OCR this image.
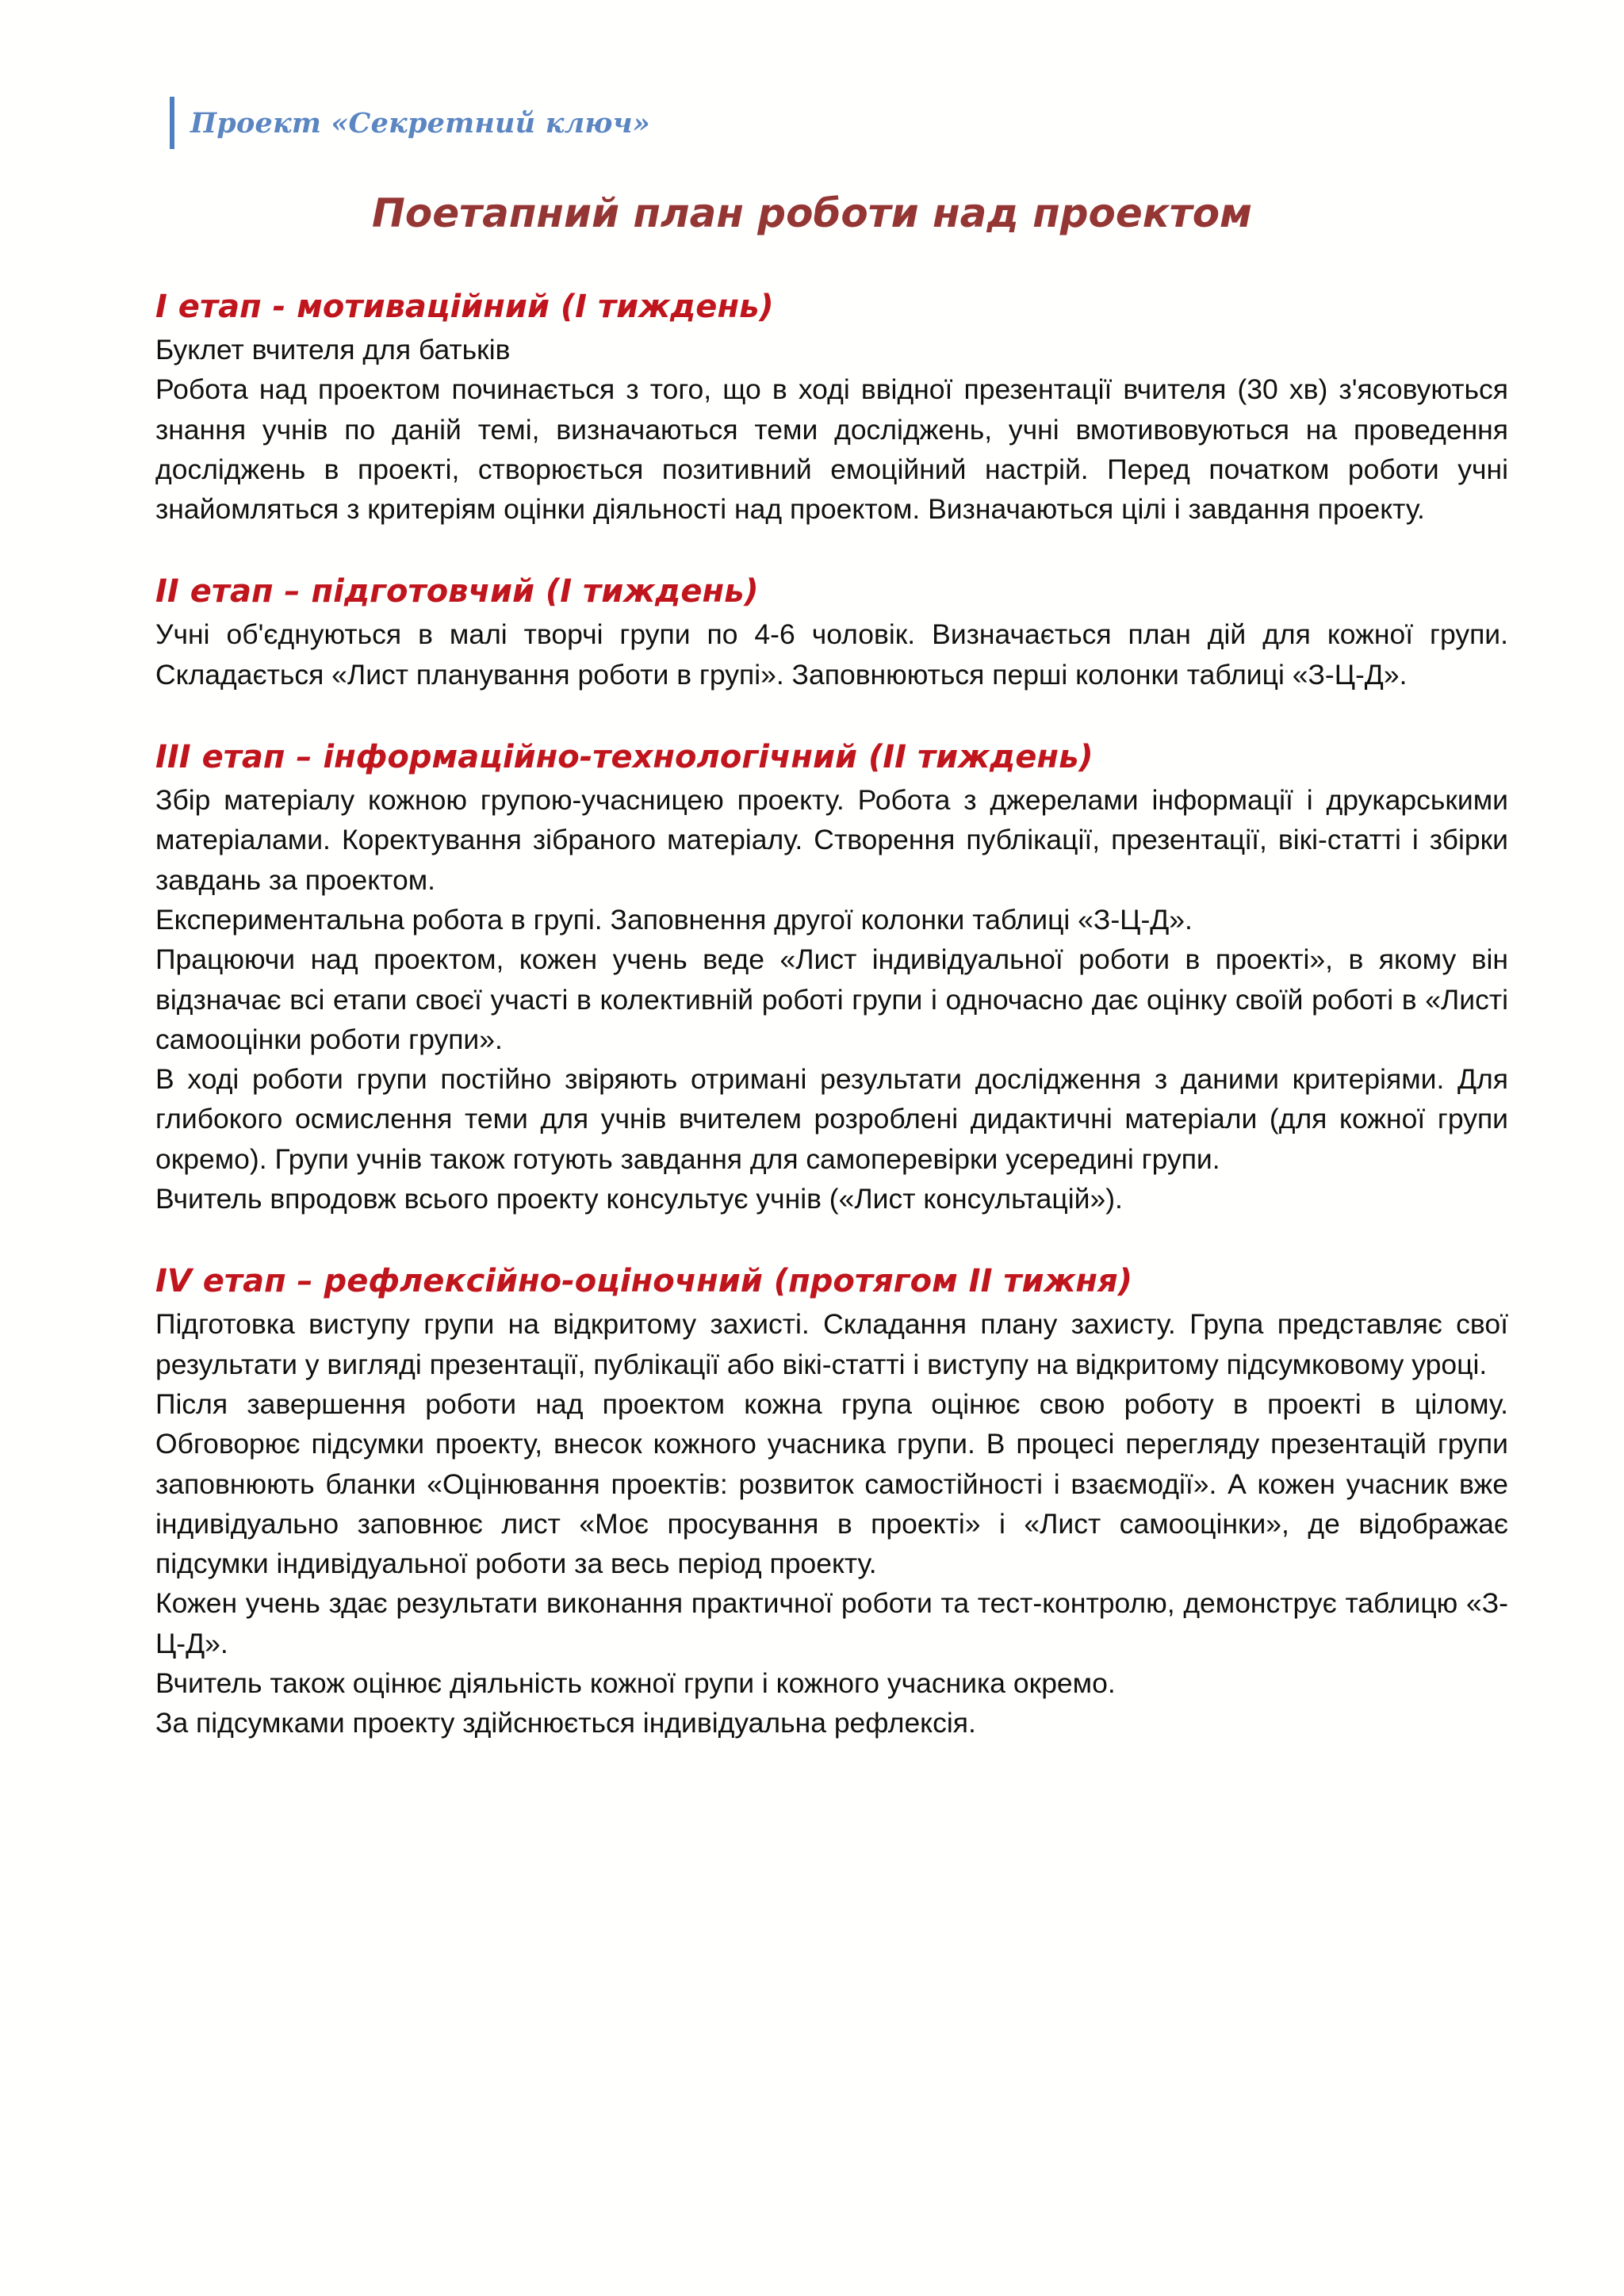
Проект «Секретний ключ»
Поетапний план роботи над проектом
I етап - мотиваційний (I тиждень)

Буклет вчителя для батьків

Робота над проектом починається з того, що в ході ввідної презентації вчителя (30 хв) з'ясовуються знання учнів по даній темі, визначаються теми досліджень, учні вмотивовуються на проведення досліджень в проекті, створюється позитивний емоційний настрій. Перед початком роботи учні знайомляться з критеріям оцінки діяльності над проектом. Визначаються цілі і завдання проекту.

II етап – підготовчий (I тиждень)

Учні об'єднуються в малі творчі групи по 4-6 чоловік. Визначається план дій для кожної групи. Складається «Лист планування роботи в групі». Заповнюються перші колонки таблиці «З-Ц-Д».

III етап – інформаційно-технологічний (II тиждень)

Збір матеріалу кожною групою-учасницею проекту. Робота з джерелами інформації і друкарськими матеріалами. Коректування зібраного матеріалу. Створення публікації, презентації, вікі-статті і збірки завдань за проектом.

Експериментальна робота в групі. Заповнення другої колонки таблиці «З-Ц-Д».

Працюючи над проектом, кожен учень веде «Лист індивідуальної роботи в проекті», в якому він відзначає всі етапи своєї участі в колективній роботі групи і одночасно дає оцінку своїй роботі в «Листі самооцінки роботи групи».

В ході роботи групи постійно звіряють отримані результати дослідження з даними критеріями. Для глибокого осмислення теми для учнів вчителем розроблені дидактичні матеріали (для кожної групи окремо). Групи учнів також готують завдання для самоперевірки усередині групи.

Вчитель впродовж всього проекту консультує учнів («Лист консультацій»).

IV етап – рефлексійно-оціночний (протягом II тижня)

Підготовка виступу групи на відкритому захисті. Складання плану захисту. Група представляє свої результати у вигляді презентації, публікації або вікі-статті і виступу на відкритому підсумковому уроці.

Після завершення роботи над проектом кожна група оцінює свою роботу в проекті в цілому. Обговорює підсумки проекту, внесок кожного учасника групи. В процесі перегляду презентацій групи заповнюють бланки «Оцінювання проектів: розвиток самостійності і взаємодії». А кожен учасник вже індивідуально заповнює лист «Моє просування в проекті» і «Лист самооцінки», де відображає підсумки індивідуальної роботи за весь період проекту.

Кожен учень здає результати виконання практичної роботи та тест-контролю, демонструє таблицю «З-Ц-Д».

Вчитель також оцінює діяльність кожної групи і кожного учасника окремо.

За підсумками проекту здійснюється індивідуальна рефлексія.
